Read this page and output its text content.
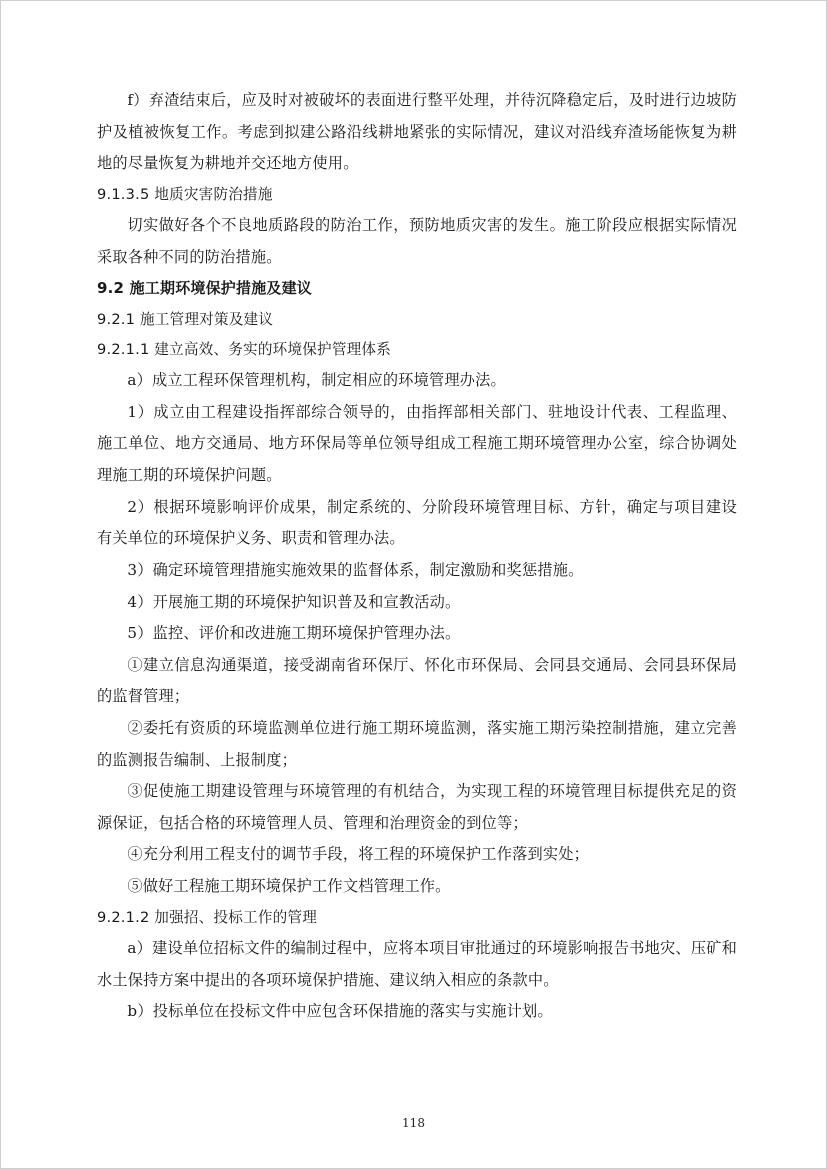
f）弃渣结束后，应及时对被破坏的表面进行整平处理，并待沉降稳定后，及时进行边坡防护及植被恢复工作。考虑到拟建公路沿线耕地紧张的实际情况，建议对沿线弃渣场能恢复为耕地的尽量恢复为耕地并交还地方使用。

9.1.3.5 地质灾害防治措施

切实做好各个不良地质路段的防治工作，预防地质灾害的发生。施工阶段应根据实际情况采取各种不同的防治措施。

9.2 施工期环境保护措施及建议

9.2.1 施工管理对策及建议

9.2.1.1 建立高效、务实的环境保护管理体系

a）成立工程环保管理机构，制定相应的环境管理办法。

1）成立由工程建设指挥部综合领导的，由指挥部相关部门、驻地设计代表、工程监理、施工单位、地方交通局、地方环保局等单位领导组成工程施工期环境管理办公室，综合协调处理施工期的环境保护问题。

2）根据环境影响评价成果，制定系统的、分阶段环境管理目标、方针，确定与项目建设有关单位的环境保护义务、职责和管理办法。

3）确定环境管理措施实施效果的监督体系，制定激励和奖惩措施。

4）开展施工期的环境保护知识普及和宣教活动。

5）监控、评价和改进施工期环境保护管理办法。

①建立信息沟通渠道，接受湖南省环保厅、怀化市环保局、会同县交通局、会同县环保局的监督管理；

②委托有资质的环境监测单位进行施工期环境监测，落实施工期污染控制措施，建立完善的监测报告编制、上报制度；

③促使施工期建设管理与环境管理的有机结合，为实现工程的环境管理目标提供充足的资源保证，包括合格的环境管理人员、管理和治理资金的到位等；

④充分利用工程支付的调节手段，将工程的环境保护工作落到实处；

⑤做好工程施工期环境保护工作文档管理工作。

9.2.1.2 加强招、投标工作的管理

a）建设单位招标文件的编制过程中，应将本项目审批通过的环境影响报告书地灾、压矿和水土保持方案中提出的各项环境保护措施、建议纳入相应的条款中。

b）投标单位在投标文件中应包含环保措施的落实与实施计划。

118
